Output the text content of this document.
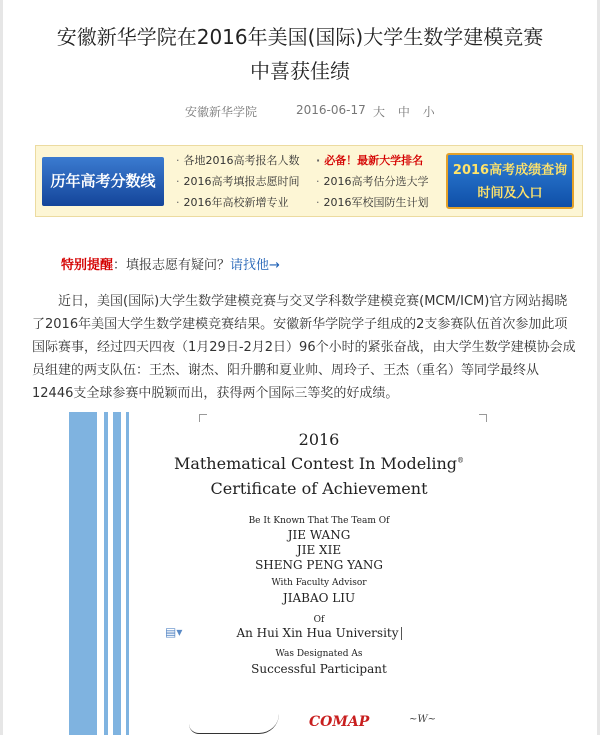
安徽新华学院在2016年美国(国际)大学生数学建模竞赛
中喜获佳绩
安徽新华学院	2016-06-17 大 中 小
历年高考分数线
· 各地2016高考报名人数	· 必备！最新大学排名
· 2016高考填报志愿时间	· 2016高考估分选大学
· 2016年高校新增专业	· 2016军校国防生计划
2016高考成绩查询
时间及入口
特别提醒：填报志愿有疑问？请找他→
近日，美国(国际)大学生数学建模竞赛与交叉学科数学建模竞赛(MCM/ICM)官方网站揭晓了2016年美国大学生数学建模竞赛结果。安徽新华学院学子组成的2支参赛队伍首次参加此项国际赛事，经过四天四夜（1月29日-2月2日）96个小时的紧张奋战，由大学生数学建模协会成员组建的两支队伍：王杰、谢杰、阳升鹏和夏业帅、周玲子、王杰（重名）等同学最终从12446支全球参赛中脱颖而出，获得两个国际三等奖的好成绩。
2016
Mathematical Contest In Modeling®
Certificate of Achievement
Be It Known That The Team Of
JIE WANG
JIE XIE
SHENG PENG YANG
With Faculty Advisor
JIABAO LIU
Of
An Hui Xin Hua University
Was Designated As
Successful Participant
▤▾
COMAP	~W~
